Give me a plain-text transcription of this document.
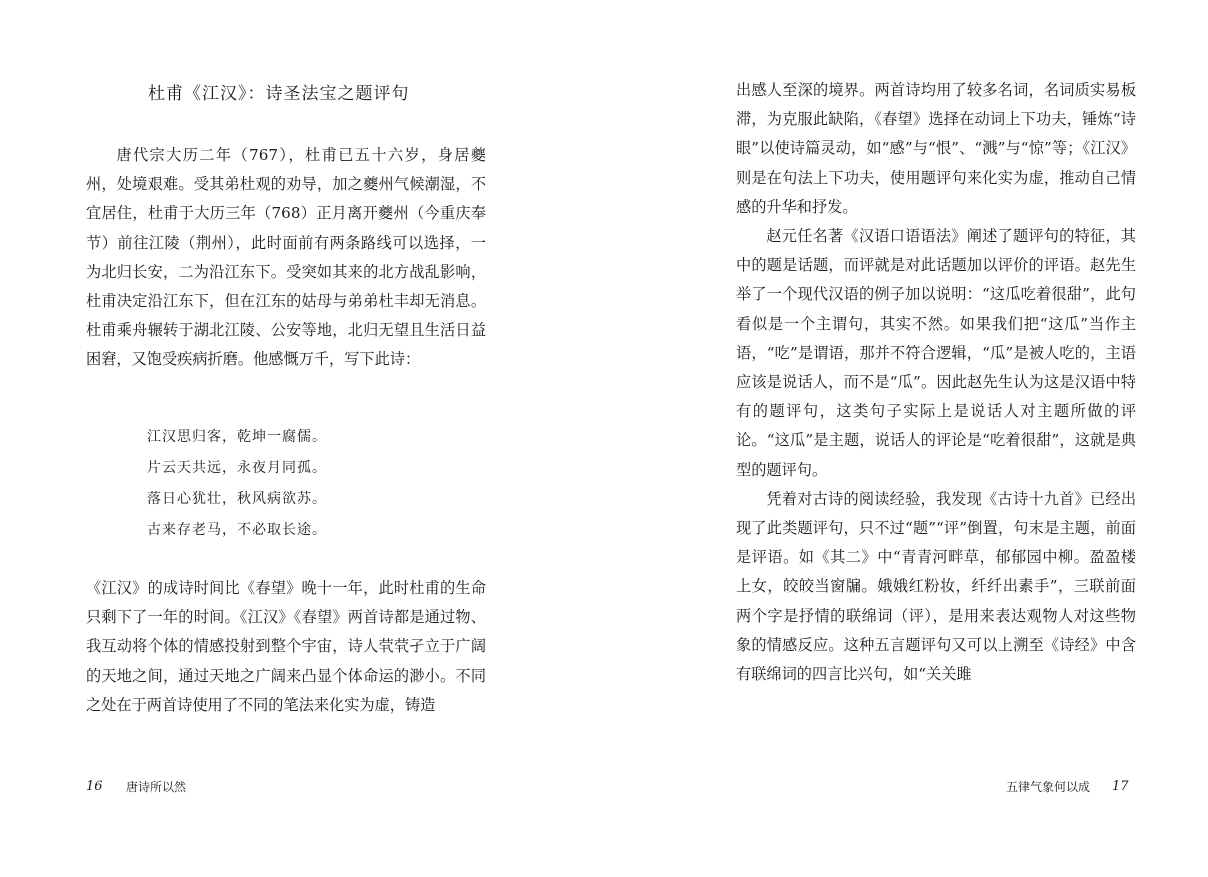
杜甫《江汉》：诗圣法宝之题评句

唐代宗大历二年（767），杜甫已五十六岁，身居夔州，处境艰难。受其弟杜观的劝导，加之夔州气候潮湿，不宜居住，杜甫于大历三年（768）正月离开夔州（今重庆奉节）前往江陵（荆州），此时面前有两条路线可以选择，一为北归长安，二为沿江东下。受突如其来的北方战乱影响，杜甫决定沿江东下，但在江东的姑母与弟弟杜丰却无消息。杜甫乘舟辗转于湖北江陵、公安等地，北归无望且生活日益困窘，又饱受疾病折磨。他感慨万千，写下此诗：

江汉思归客，乾坤一腐儒。
片云天共远，永夜月同孤。
落日心犹壮，秋风病欲苏。
古来存老马，不必取长途。

《江汉》的成诗时间比《春望》晚十一年，此时杜甫的生命只剩下了一年的时间。《江汉》《春望》两首诗都是通过物、我互动将个体的情感投射到整个宇宙，诗人茕茕孑立于广阔的天地之间，通过天地之广阔来凸显个体命运的渺小。不同之处在于两首诗使用了不同的笔法来化实为虚，铸造

16 唐诗所以然

出感人至深的境界。两首诗均用了较多名词，名词质实易板滞，为克服此缺陷，《春望》选择在动词上下功夫，锤炼“诗眼”以使诗篇灵动，如“感”与“恨”、“溅”与“惊”等；《江汉》则是在句法上下功夫，使用题评句来化实为虚，推动自己情感的升华和抒发。

赵元任名著《汉语口语语法》阐述了题评句的特征，其中的题是话题，而评就是对此话题加以评价的评语。赵先生举了一个现代汉语的例子加以说明：“这瓜吃着很甜”，此句看似是一个主谓句，其实不然。如果我们把“这瓜”当作主语，“吃”是谓语，那并不符合逻辑，“瓜”是被人吃的，主语应该是说话人，而不是“瓜”。因此赵先生认为这是汉语中特有的题评句，这类句子实际上是说话人对主题所做的评论。“这瓜”是主题，说话人的评论是“吃着很甜”，这就是典型的题评句。

凭着对古诗的阅读经验，我发现《古诗十九首》已经出现了此类题评句，只不过“题”“评”倒置，句末是主题，前面是评语。如《其二》中“青青河畔草，郁郁园中柳。盈盈楼上女，皎皎当窗牖。娥娥红粉妆，纤纤出素手”，三联前面两个字是抒情的联绵词（评），是用来表达观物人对这些物象的情感反应。这种五言题评句又可以上溯至《诗经》中含有联绵词的四言比兴句，如“关关雎

五律气象何以成 17
